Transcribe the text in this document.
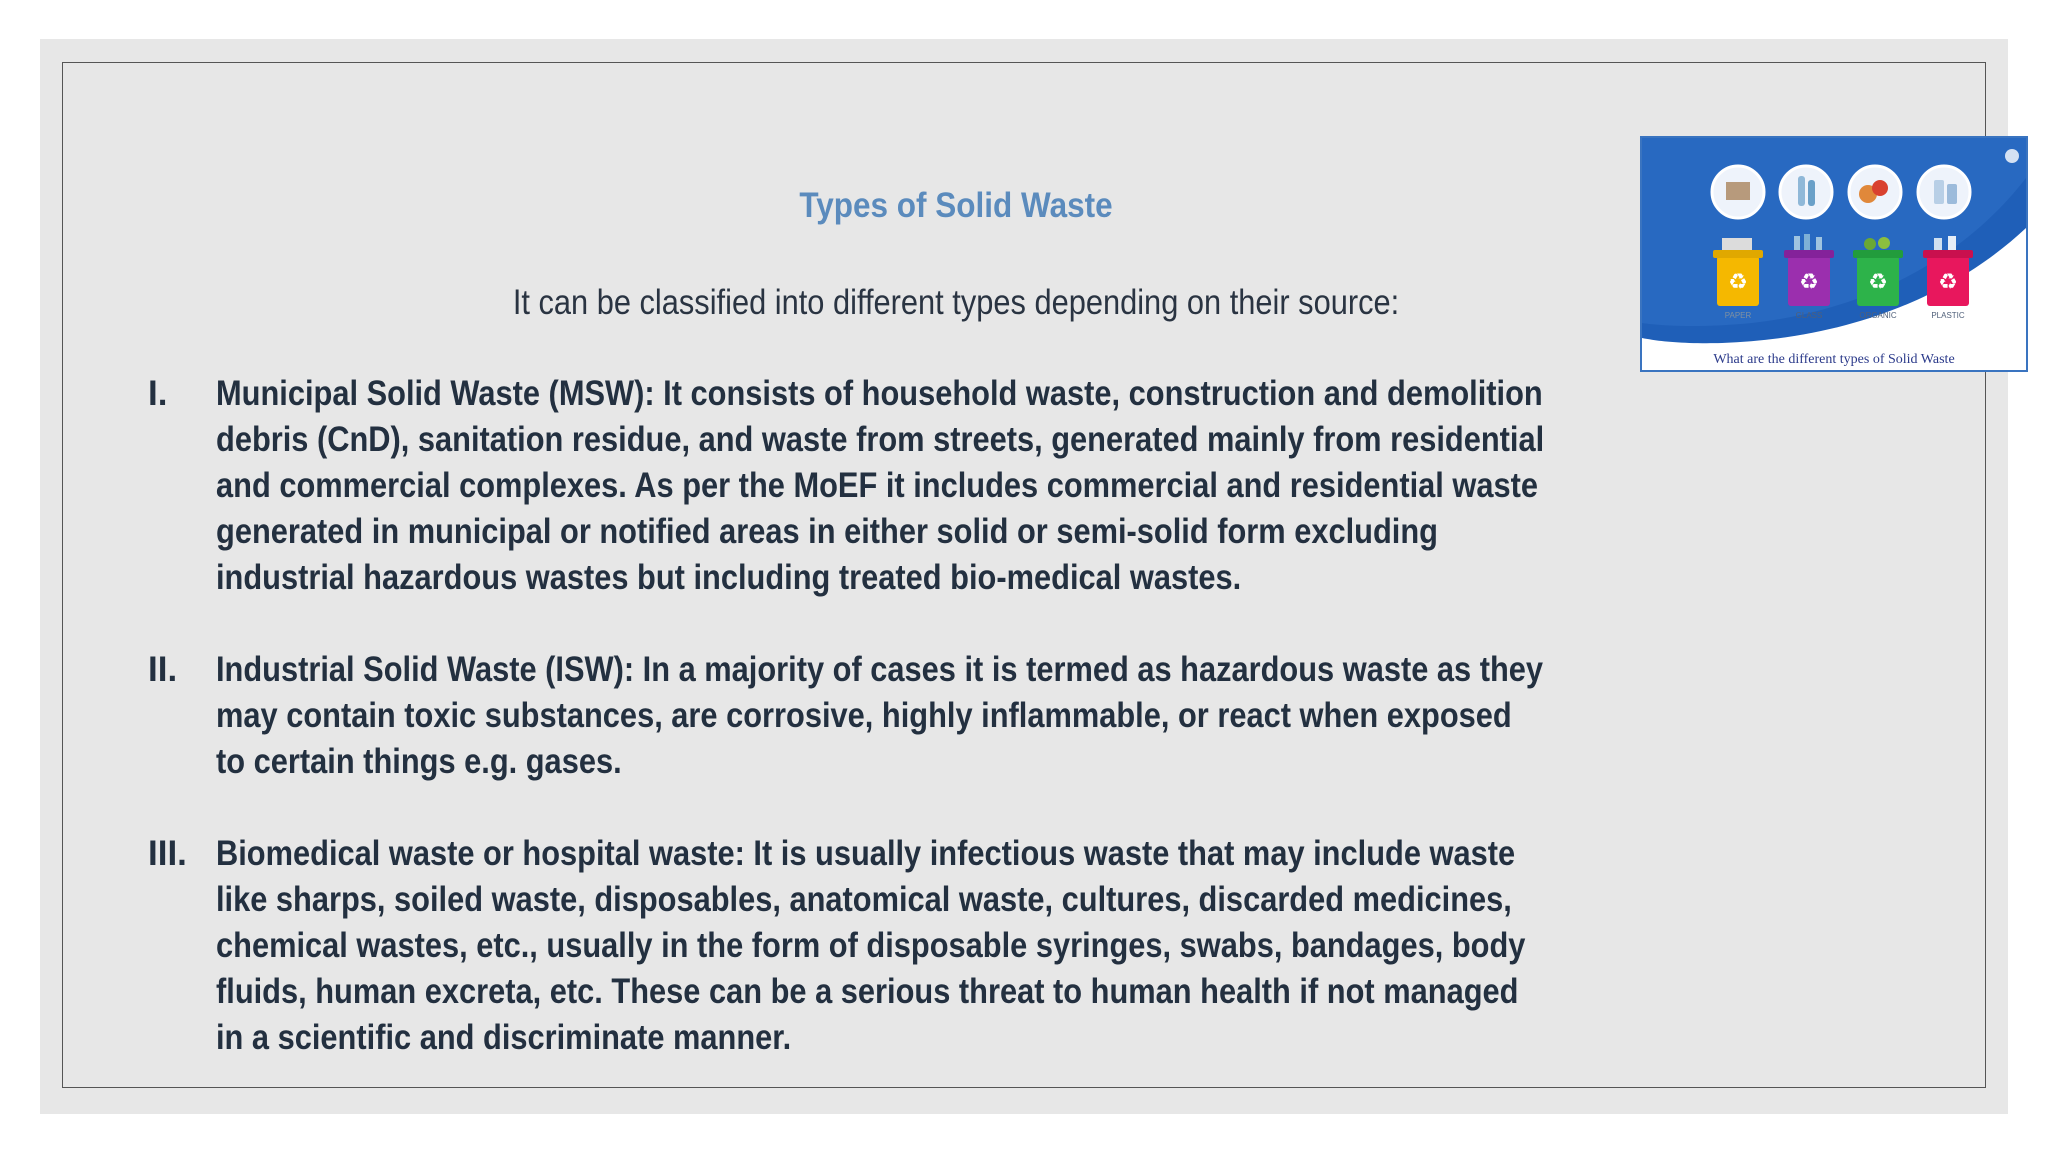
Types of Solid Waste
It can be classified into different types depending on their source:
I. Municipal Solid Waste (MSW): It consists of household waste, construction and demolition debris (CnD), sanitation residue, and waste from streets, generated mainly from residential and commercial complexes. As per the MoEF it includes commercial and residential waste generated in municipal or notified areas in either solid or semi-solid form excluding industrial hazardous wastes but including treated bio-medical wastes.
II. Industrial Solid Waste (ISW): In a majority of cases it is termed as hazardous waste as they may contain toxic substances, are corrosive, highly inflammable, or react when exposed to certain things e.g. gases.
III. Biomedical waste or hospital waste: It is usually infectious waste that may include waste like sharps, soiled waste, disposables, anatomical waste, cultures, discarded medicines, chemical wastes, etc., usually in the form of disposable syringes, swabs, bandages, body fluids, human excreta, etc. These can be a serious threat to human health if not managed in a scientific and discriminate manner.
♻ ♻ ♻ ♻
PAPER	GLASS	ORGANIC	PLASTIC
What are the different types of Solid Waste
